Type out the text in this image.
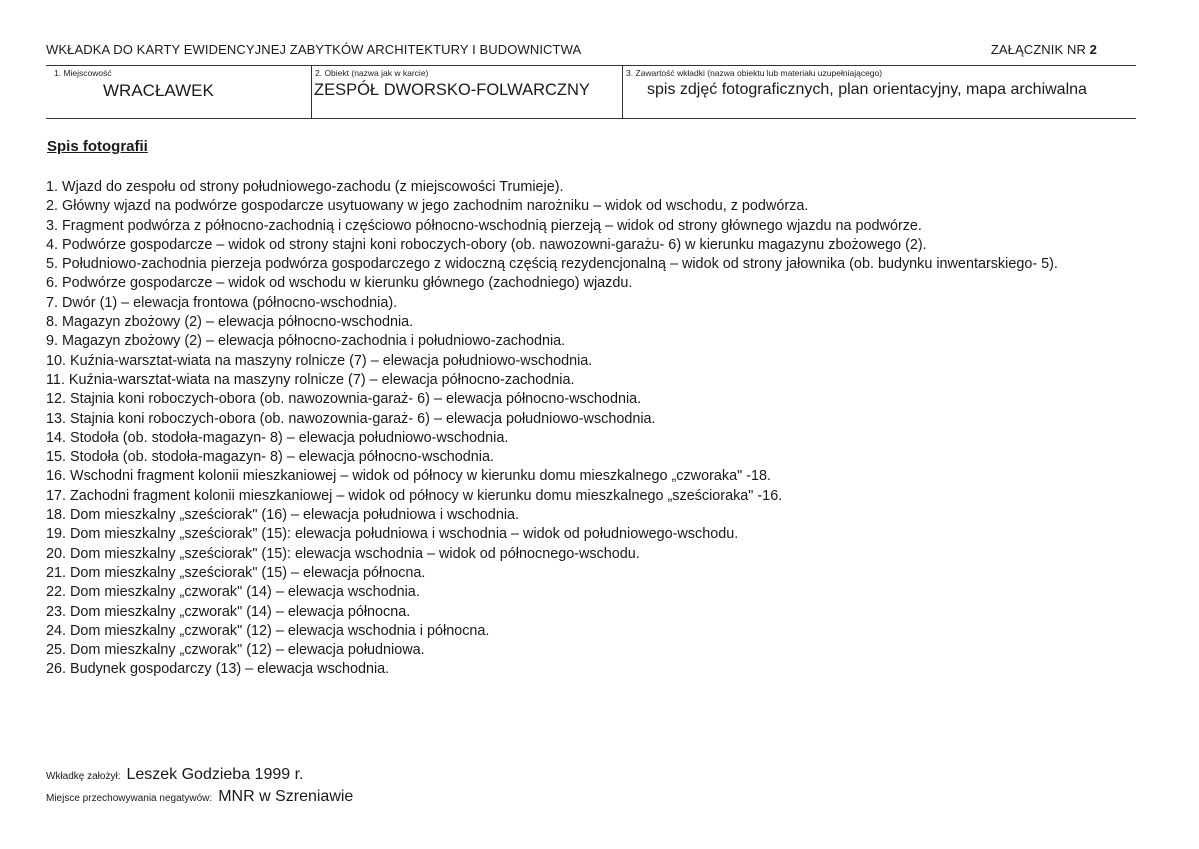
WKŁADKA DO KARTY EWIDENCYJNEJ ZABYTKÓW ARCHITEKTURY I BUDOWNICTWA	ZAŁĄCZNIK NR 2
1. Miejscowość
WRACŁAWEK
2. Obiekt (nazwa jak w karcie)
ZESPÓŁ DWORSKO-FOLWARCZNY
3. Zawartość wkładki (nazwa obiektu lub materiału uzupełniającego)
spis zdjęć fotograficznych, plan orientacyjny, mapa archiwalna
Spis fotografii
1. Wjazd do zespołu od strony południowego-zachodu (z miejscowości Trumieje).
2. Główny wjazd na podwórze gospodarcze usytuowany w jego zachodnim narożniku – widok od wschodu, z podwórza.
3. Fragment podwórza z północno-zachodnią i częściowo północno-wschodnią pierzeją – widok od strony głównego wjazdu na podwórze.
4. Podwórze gospodarcze – widok od strony stajni koni roboczych-obory (ob. nawozowni-garażu- 6) w kierunku magazynu zbożowego (2).
5. Południowo-zachodnia pierzeja podwórza gospodarczego z widoczną częścią rezydencjonalną – widok od strony jałownika (ob. budynku inwentarskiego- 5).
6. Podwórze gospodarcze – widok od wschodu w kierunku głównego (zachodniego) wjazdu.
7. Dwór (1) – elewacja frontowa (północno-wschodnia).
8. Magazyn zbożowy (2) – elewacja północno-wschodnia.
9. Magazyn zbożowy (2) – elewacja północno-zachodnia i południowo-zachodnia.
10. Kuźnia-warsztat-wiata na maszyny rolnicze (7) – elewacja południowo-wschodnia.
11. Kuźnia-warsztat-wiata na maszyny rolnicze (7) – elewacja północno-zachodnia.
12. Stajnia koni roboczych-obora (ob. nawozownia-garaż- 6) – elewacja północno-wschodnia.
13. Stajnia koni roboczych-obora (ob. nawozownia-garaż- 6) – elewacja południowo-wschodnia.
14. Stodoła (ob. stodoła-magazyn- 8) – elewacja południowo-wschodnia.
15. Stodoła (ob. stodoła-magazyn- 8) – elewacja północno-wschodnia.
16. Wschodni fragment kolonii mieszkaniowej – widok od północy w kierunku domu mieszkalnego „czworaka" -18.
17. Zachodni fragment kolonii mieszkaniowej – widok od północy w kierunku domu mieszkalnego „sześcioraka" -16.
18. Dom mieszkalny „sześciorak" (16) – elewacja południowa i wschodnia.
19. Dom mieszkalny „sześciorak" (15): elewacja południowa i wschodnia – widok od południowego-wschodu.
20. Dom mieszkalny „sześciorak" (15): elewacja wschodnia – widok od północnego-wschodu.
21. Dom mieszkalny „sześciorak" (15) – elewacja północna.
22. Dom mieszkalny „czworak" (14) – elewacja wschodnia.
23. Dom mieszkalny „czworak" (14) – elewacja północna.
24. Dom mieszkalny „czworak" (12) – elewacja wschodnia i północna.
25. Dom mieszkalny „czworak" (12) – elewacja południowa.
26. Budynek gospodarczy (13) – elewacja wschodnia.
Wkładkę założył: Leszek Godzieba 1999 r.
Miejsce przechowywania negatywów: MNR w Szreniawie
